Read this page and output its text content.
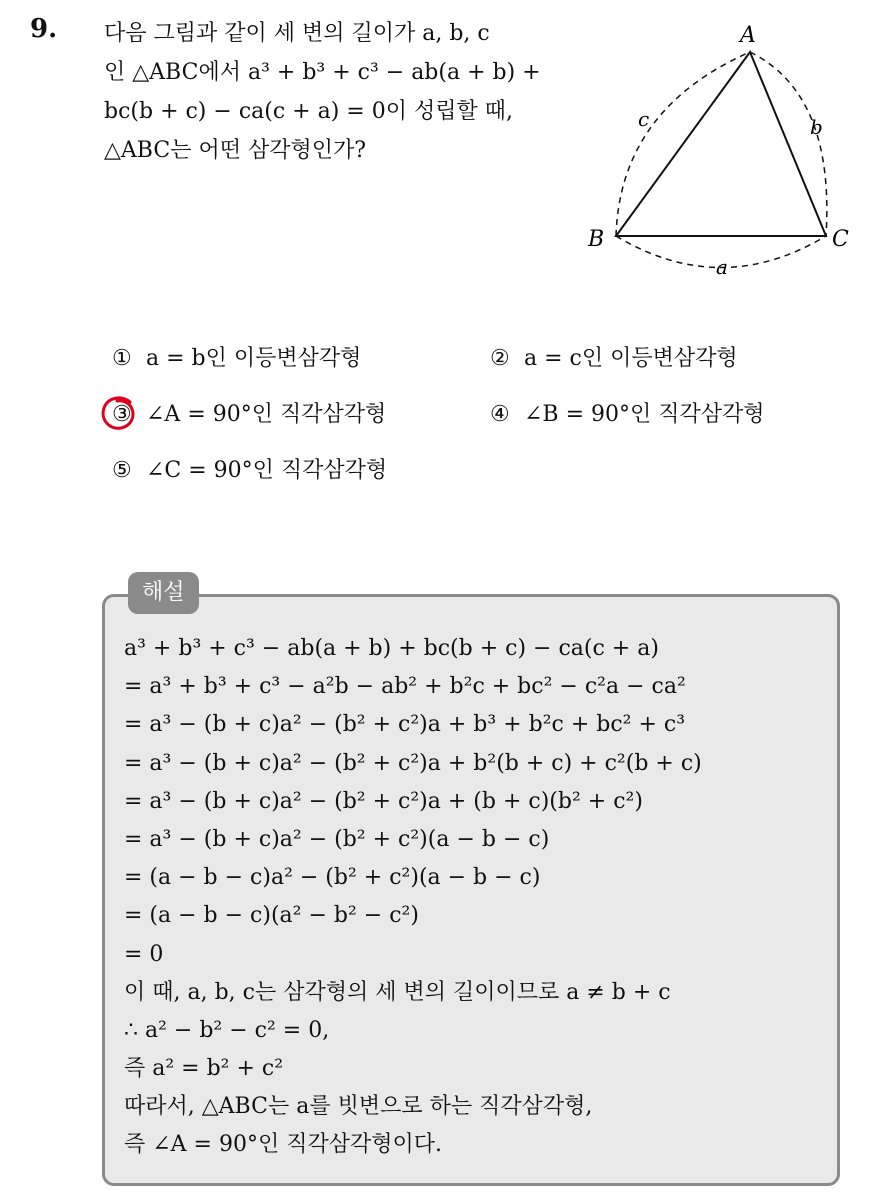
9. 다음 그림과 같이 세 변의 길이가 a, b, c
인 △ABC에서 a³ + b³ + c³ − ab(a + b) +
bc(b + c) − ca(c + a) = 0이 성립할 때,
△ABC는 어떤 삼각형인가?
A
B	C
c	b
a
① a = b인 이등변삼각형	② a = c인 이등변삼각형
③ ∠A = 90°인 직각삼각형	④ ∠B = 90°인 직각삼각형
⑤ ∠C = 90°인 직각삼각형
해설
a³ + b³ + c³ − ab(a + b) + bc(b + c) − ca(c + a)
= a³ + b³ + c³ − a²b − ab² + b²c + bc² − c²a − ca²
= a³ − (b + c)a² − (b² + c²)a + b³ + b²c + bc² + c³
= a³ − (b + c)a² − (b² + c²)a + b²(b + c) + c²(b + c)
= a³ − (b + c)a² − (b² + c²)a + (b + c)(b² + c²)
= a³ − (b + c)a² − (b² + c²)(a − b − c)
= (a − b − c)a² − (b² + c²)(a − b − c)
= (a − b − c)(a² − b² − c²)
= 0
이 때, a, b, c는 삼각형의 세 변의 길이이므로 a ≠ b + c
∴ a² − b² − c² = 0,
즉 a² = b² + c²
따라서, △ABC는 a를 빗변으로 하는 직각삼각형,
즉 ∠A = 90°인 직각삼각형이다.
